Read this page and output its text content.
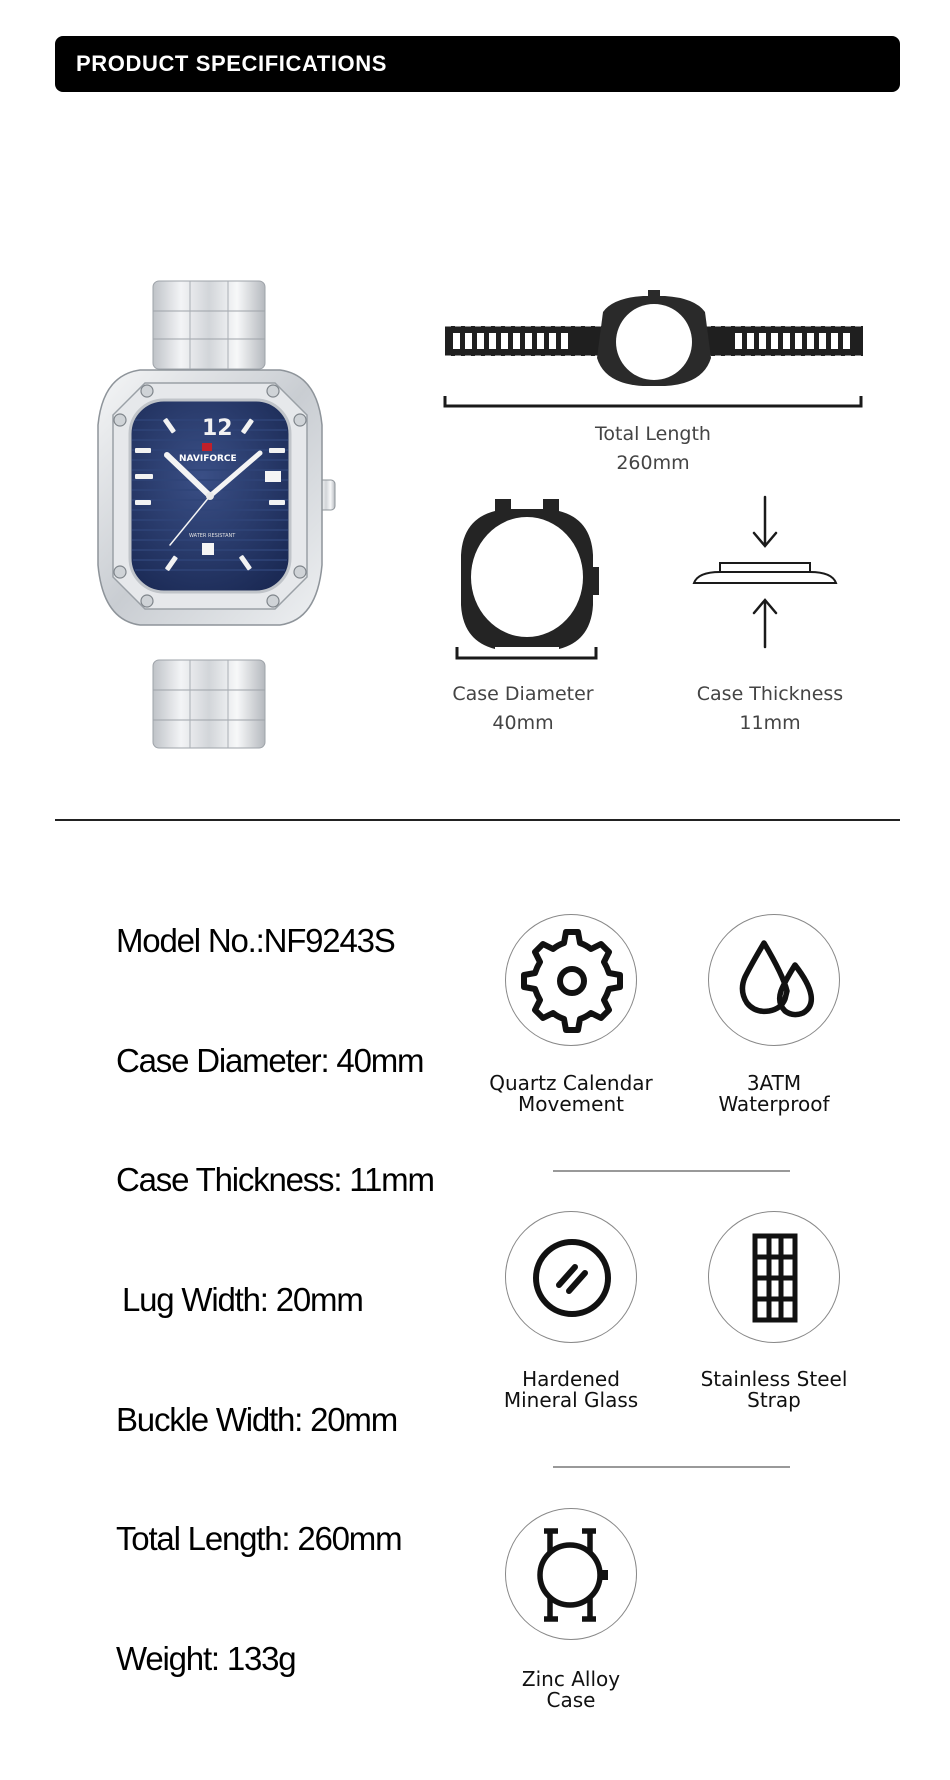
PRODUCT SPECIFICATIONS
12
NAVIFORCE
WATER RESISTANT
Total Length
260mm
Case Diameter
40mm
Case Thickness
11mm
Model No.:NF9243S
Case Diameter: 40mm
Case Thickness: 11mm
Lug Width: 20mm
Buckle Width: 20mm
Total Length: 260mm
Weight: 133g
Quartz Calendar
Movement
3ATM
Waterproof
Hardened
Mineral Glass
Stainless Steel
Strap
Zinc Alloy
Case
